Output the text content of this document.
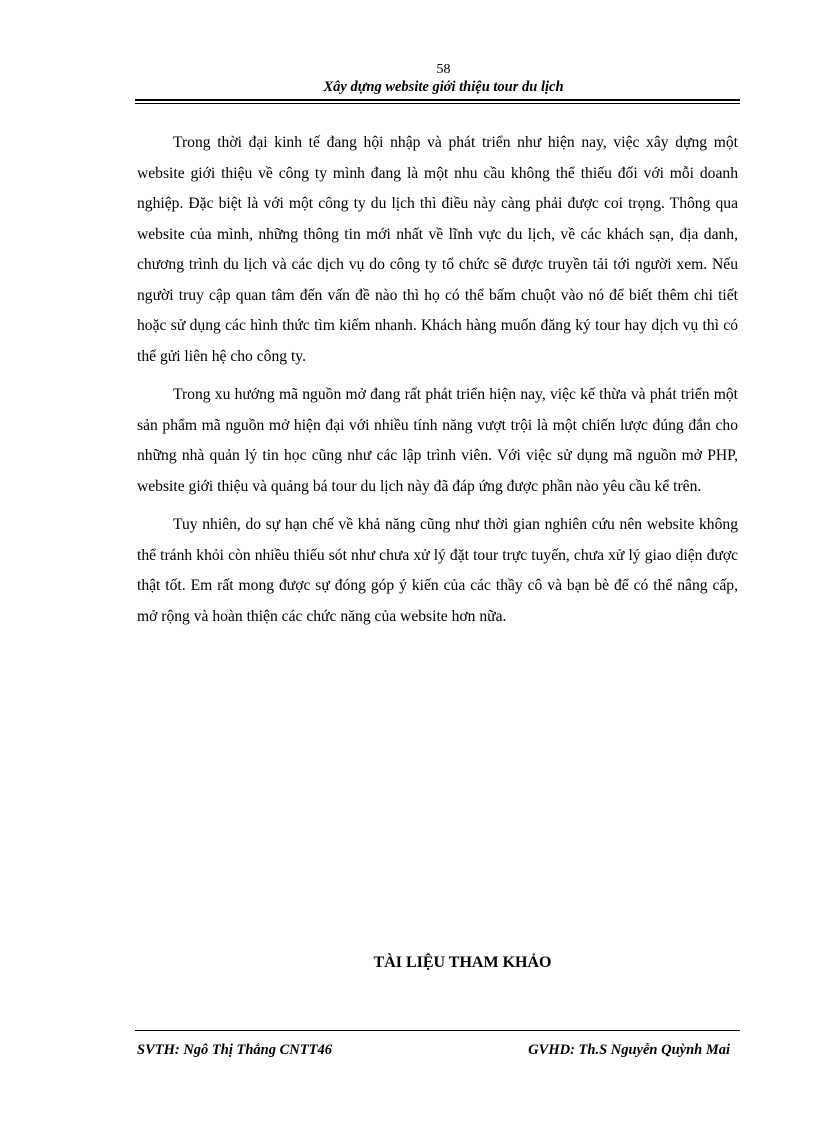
58
Xây dựng website giới thiệu tour du lịch

Trong thời đại kinh tế đang hội nhập và phát triển như hiện nay, việc xây dựng một website giới thiệu về công ty mình đang là một nhu cầu không thể thiếu đối với mỗi doanh nghiệp. Đặc biệt là với một công ty du lịch thì điều này càng phải được coi trọng. Thông qua website của mình, những thông tin mới nhất về lĩnh vực du lịch, về các khách sạn, địa danh, chương trình du lịch và các dịch vụ do công ty tổ chức sẽ được truyền tải tới người xem. Nếu người truy cập quan tâm đến vấn đề nào thì họ có thể bấm chuột vào nó để biết thêm chi tiết hoặc sử dụng các hình thức tìm kiếm nhanh. Khách hàng muốn đăng ký tour hay dịch vụ thì có thể gửi liên hệ cho công ty.

Trong xu hướng mã nguồn mở đang rất phát triển hiện nay, việc kế thừa và phát triển một sản phẩm mã nguồn mở hiện đại với nhiều tính năng vượt trội là một chiến lược đúng đắn cho những nhà quản lý tin học cũng như các lập trình viên. Với việc sử dụng mã nguồn mở PHP, website giới thiệu và quảng bá tour du lịch này đã đáp ứng được phần nào yêu cầu kể trên.

Tuy nhiên, do sự hạn chế về khả năng cũng như thời gian nghiên cứu nên website không thể tránh khỏi còn nhiều thiếu sót như chưa xử lý đặt tour trực tuyến, chưa xử lý giao diện được thật tốt. Em rất mong được sự đóng góp ý kiến của các thầy cô và bạn bè để có thể nâng cấp, mở rộng và hoàn thiện các chức năng của website hơn nữa.

TÀI LIỆU THAM KHẢO
SVTH: Ngô Thị Thắng CNTT46	GVHD: Th.S Nguyễn Quỳnh Mai
